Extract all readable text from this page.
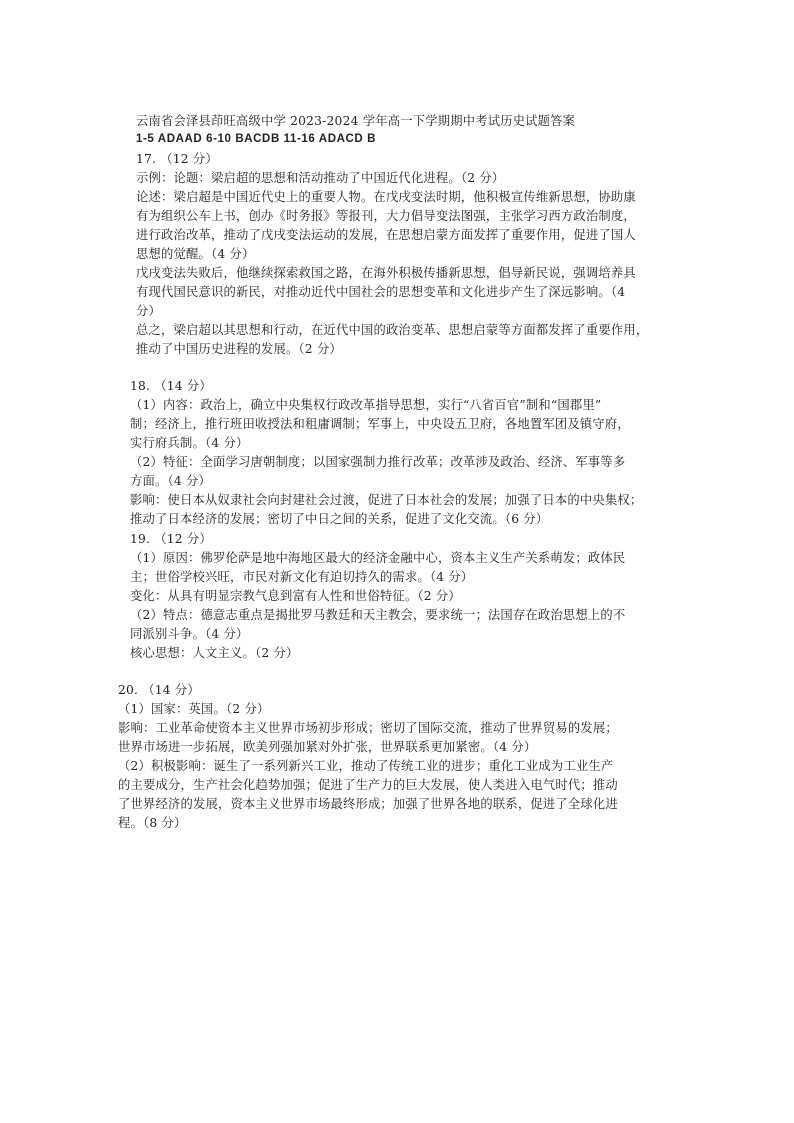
云南省会泽县茚旺高级中学 2023-2024 学年高一下学期期中考试历史试题答案
1-5 ADAAD 6-10 BACDB 11-16 ADACD B
17. （12 分）
示例：论题：梁启超的思想和活动推动了中国近代化进程。（2 分）
论述：梁启超是中国近代史上的重要人物。在戊戌变法时期，他积极宣传维新思想，协助康
有为组织公车上书，创办《时务报》等报刊，大力倡导变法图强，主张学习西方政治制度，
进行政治改革，推动了戊戌变法运动的发展，在思想启蒙方面发挥了重要作用，促进了国人
思想的觉醒。（4 分）
戊戌变法失败后，他继续探索救国之路，在海外积极传播新思想，倡导新民说，强调培养具
有现代国民意识的新民，对推动近代中国社会的思想变革和文化进步产生了深远影响。（4
分）
总之，梁启超以其思想和行动，在近代中国的政治变革、思想启蒙等方面都发挥了重要作用，
推动了中国历史进程的发展。（2 分）
18. （14 分）
（1）内容：政治上，确立中央集权行政改革指导思想，实行“八省百官”制和“国郡里”
制；经济上，推行班田收授法和租庸调制；军事上，中央设五卫府，各地置军团及镇守府，
实行府兵制。（4 分）
（2）特征：全面学习唐朝制度；以国家强制力推行改革；改革涉及政治、经济、军事等多
方面。（4 分）
影响：使日本从奴隶社会向封建社会过渡，促进了日本社会的发展；加强了日本的中央集权；
推动了日本经济的发展；密切了中日之间的关系，促进了文化交流。（6 分）
19. （12 分）
（1）原因：佛罗伦萨是地中海地区最大的经济金融中心，资本主义生产关系萌发；政体民
主；世俗学校兴旺，市民对新文化有迫切持久的需求。（4 分）
变化：从具有明显宗教气息到富有人性和世俗特征。（2 分）
（2）特点：德意志重点是揭批罗马教廷和天主教会，要求统一；法国存在政治思想上的不
同派别斗争。（4 分）
核心思想：人文主义。（2 分）
20. （14 分）
（1）国家：英国。（2 分）
影响：工业革命使资本主义世界市场初步形成；密切了国际交流，推动了世界贸易的发展；
世界市场进一步拓展，欧美列强加紧对外扩张，世界联系更加紧密。（4 分）
（2）积极影响：诞生了一系列新兴工业，推动了传统工业的进步；重化工业成为工业生产
的主要成分，生产社会化趋势加强；促进了生产力的巨大发展，使人类进入电气时代；推动
了世界经济的发展，资本主义世界市场最终形成；加强了世界各地的联系，促进了全球化进
程。（8 分）
